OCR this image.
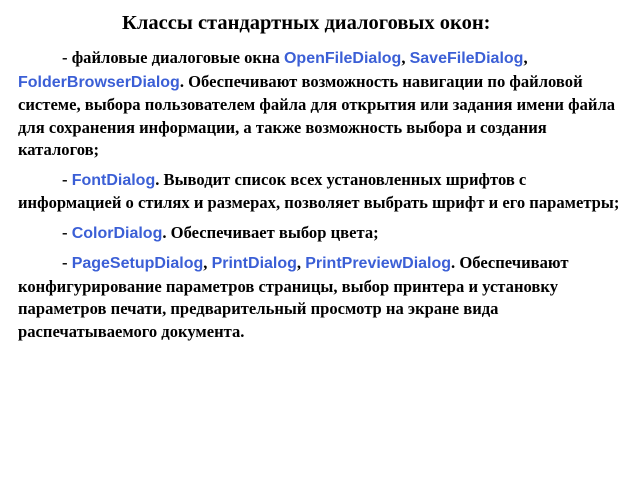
Классы стандартных диалоговых окон:

- файловые диалоговые окна OpenFileDialog, SaveFileDialog, FolderBrowserDialog. Обеспечивают возможность навигации по файловой системе, выбора пользователем файла для открытия или задания имени файла для сохранения информации, а также возможность выбора и создания каталогов;

- FontDialog. Выводит список всех установленных шрифтов с информацией о стилях и размерах, позволяет выбрать шрифт и его параметры;

- ColorDialog. Обеспечивает выбор цвета;

- PageSetupDialog, PrintDialog, PrintPreviewDialog. Обеспечивают конфигурирование параметров страницы, выбор принтера и установку параметров печати, предварительный просмотр на экране вида распечатываемого документа.
